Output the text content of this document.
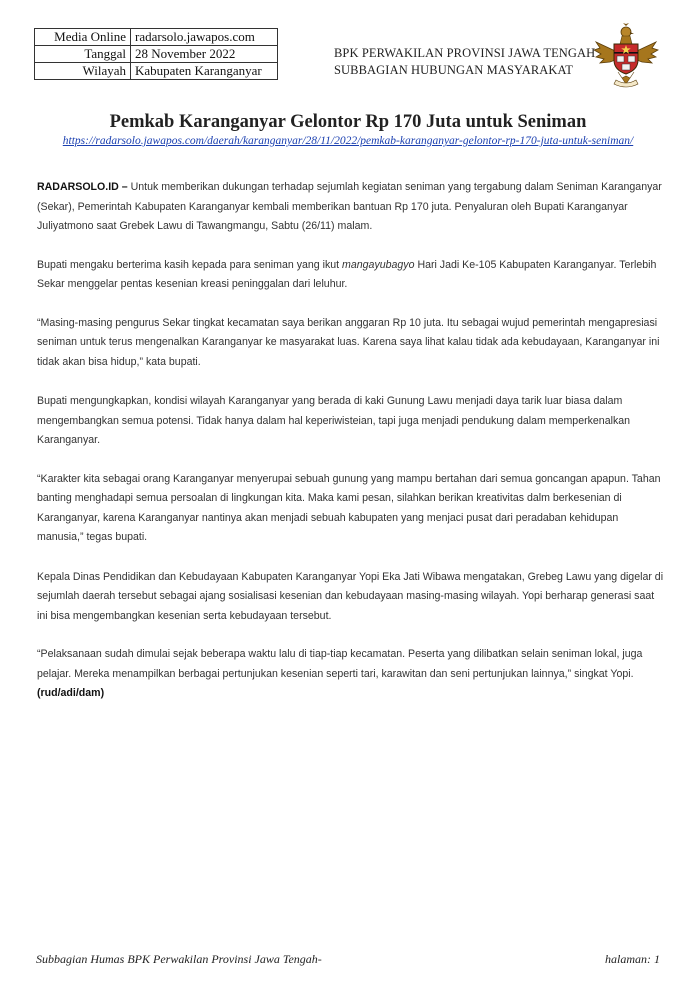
Media Online	radarsolo.jawapos.com
Tanggal	28 November 2022
Wilayah	Kabupaten Karanganyar
BPK PERWAKILAN PROVINSI JAWA TENGAH
SUBBAGIAN HUBUNGAN MASYARAKAT
Pemkab Karanganyar Gelontor Rp 170 Juta untuk Seniman
https://radarsolo.jawapos.com/daerah/karanganyar/28/11/2022/pemkab-karanganyar-gelontor-rp-170-juta-untuk-seniman/

RADARSOLO.ID – Untuk memberikan dukungan terhadap sejumlah kegiatan seniman yang tergabung dalam Seniman Karanganyar (Sekar), Pemerintah Kabupaten Karanganyar kembali memberikan bantuan Rp 170 juta. Penyaluran oleh Bupati Karanganyar Juliyatmono saat Grebek Lawu di Tawangmangu, Sabtu (26/11) malam.

Bupati mengaku berterima kasih kepada para seniman yang ikut mangayubagyo Hari Jadi Ke-105 Kabupaten Karanganyar. Terlebih Sekar menggelar pentas kesenian kreasi peninggalan dari leluhur.

“Masing-masing pengurus Sekar tingkat kecamatan saya berikan anggaran Rp 10 juta. Itu sebagai wujud pemerintah mengapresiasi seniman untuk terus mengenalkan Karanganyar ke masyarakat luas. Karena saya lihat kalau tidak ada kebudayaan, Karanganyar ini tidak akan bisa hidup,” kata bupati.

Bupati mengungkapkan, kondisi wilayah Karanganyar yang berada di kaki Gunung Lawu menjadi daya tarik luar biasa dalam mengembangkan semua potensi. Tidak hanya dalam hal keperiwisteian, tapi juga menjadi pendukung dalam memperkenalkan Karanganyar.

“Karakter kita sebagai orang Karanganyar menyerupai sebuah gunung yang mampu bertahan dari semua goncangan apapun. Tahan banting menghadapi semua persoalan di lingkungan kita. Maka kami pesan, silahkan berikan kreativitas dalm berkesenian di Karanganyar, karena Karanganyar nantinya akan menjadi sebuah kabupaten yang menjaci pusat dari peradaban kehidupan manusia,” tegas bupati.

Kepala Dinas Pendidikan dan Kebudayaan Kabupaten Karanganyar Yopi Eka Jati Wibawa mengatakan, Grebeg Lawu yang digelar di sejumlah daerah tersebut sebagai ajang sosialisasi kesenian dan kebudayaan masing-masing wilayah. Yopi berharap generasi saat ini bisa mengembangkan kesenian serta kebudayaan tersebut.

“Pelaksanaan sudah dimulai sejak beberapa waktu lalu di tiap-tiap kecamatan. Peserta yang dilibatkan selain seniman lokal, juga pelajar. Mereka menampilkan berbagai pertunjukan kesenian seperti tari, karawitan dan seni pertunjukan lainnya,” singkat Yopi. (rud/adi/dam)

Subbagian Humas BPK Perwakilan Provinsi Jawa Tengah-	halaman: 1
